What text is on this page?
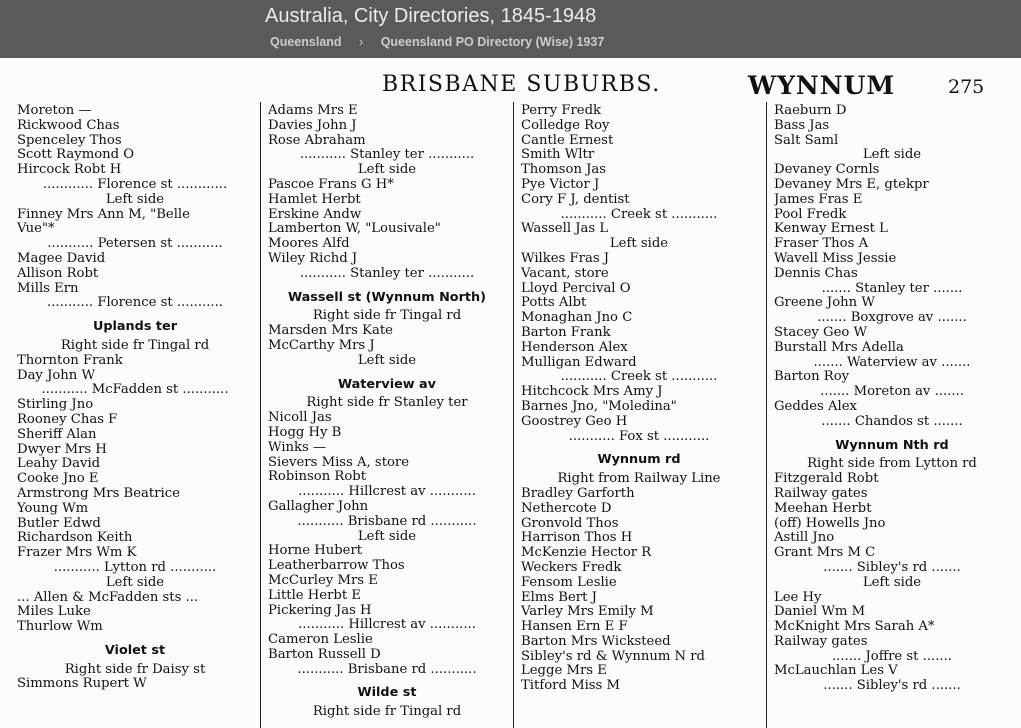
Australia, City Directories, 1845-1948
Queensland › Queensland PO Directory (Wise) 1937
BRISBANE SUBURBS.	WYNNUM	275
Moreton —
Rickwood Chas
Spenceley Thos
Scott Raymond O
Hircock Robt H
............ Florence st ............
Left side
Finney Mrs Ann M, "Belle
Vue"*
........... Petersen st ...........
Magee David
Allison Robt
Mills Ern
........... Florence st ...........
Uplands ter
Right side fr Tingal rd
Thornton Frank
Day John W
........... McFadden st ...........
Stirling Jno
Rooney Chas F
Sheriff Alan
Dwyer Mrs H
Leahy David
Cooke Jno E
Armstrong Mrs Beatrice
Young Wm
Butler Edwd
Richardson Keith
Frazer Mrs Wm K
........... Lytton rd ...........
Left side
... Allen & McFadden sts ...
Miles Luke
Thurlow Wm
Violet st
Right side fr Daisy st
Simmons Rupert W
Adams Mrs E
Davies John J
Rose Abraham
........... Stanley ter ...........
Left side
Pascoe Frans G H*
Hamlet Herbt
Erskine Andw
Lamberton W, "Lousivale"
Moores Alfd
Wiley Richd J
........... Stanley ter ...........
Wassell st (Wynnum North)
Right side fr Tingal rd
Marsden Mrs Kate
McCarthy Mrs J
Left side
Waterview av
Right side fr Stanley ter
Nicoll Jas
Hogg Hy B
Winks —
Sievers Miss A, store
Robinson Robt
........... Hillcrest av ...........
Gallagher John
........... Brisbane rd ...........
Left side
Horne Hubert
Leatherbarrow Thos
McCurley Mrs E
Little Herbt E
Pickering Jas H
........... Hillcrest av ...........
Cameron Leslie
Barton Russell D
........... Brisbane rd ...........
Wilde st
Right side fr Tingal rd
Perry Fredk
Colledge Roy
Cantle Ernest
Smith Wltr
Thomson Jas
Pye Victor J
Cory F J, dentist
........... Creek st ...........
Wassell Jas L
Left side
Wilkes Fras J
Vacant, store
Lloyd Percival O
Potts Albt
Monaghan Jno C
Barton Frank
Henderson Alex
Mulligan Edward
........... Creek st ...........
Hitchcock Mrs Amy J
Barnes Jno, "Moledina"
Goostrey Geo H
........... Fox st ...........
Wynnum rd
Right from Railway Line
Bradley Garforth
Nethercote D
Gronvold Thos
Harrison Thos H
McKenzie Hector R
Weckers Fredk
Fensom Leslie
Elms Bert J
Varley Mrs Emily M
Hansen Ern E F
Barton Mrs Wicksteed
Sibley's rd & Wynnum N rd
Legge Mrs E
Titford Miss M
Raeburn D
Bass Jas
Salt Saml
Left side
Devaney Cornls
Devaney Mrs E, gtekpr
James Fras E
Pool Fredk
Kenway Ernest L
Fraser Thos A
Wavell Miss Jessie
Dennis Chas
....... Stanley ter .......
Greene John W
....... Boxgrove av .......
Stacey Geo W
Burstall Mrs Adella
....... Waterview av .......
Barton Roy
....... Moreton av .......
Geddes Alex
....... Chandos st .......
Wynnum Nth rd
Right side from Lytton rd
Fitzgerald Robt
Railway gates
Meehan Herbt
(off) Howells Jno
Astill Jno
Grant Mrs M C
....... Sibley's rd .......
Left side
Lee Hy
Daniel Wm M
McKnight Mrs Sarah A*
Railway gates
....... Joffre st .......
McLauchlan Les V
....... Sibley's rd .......
